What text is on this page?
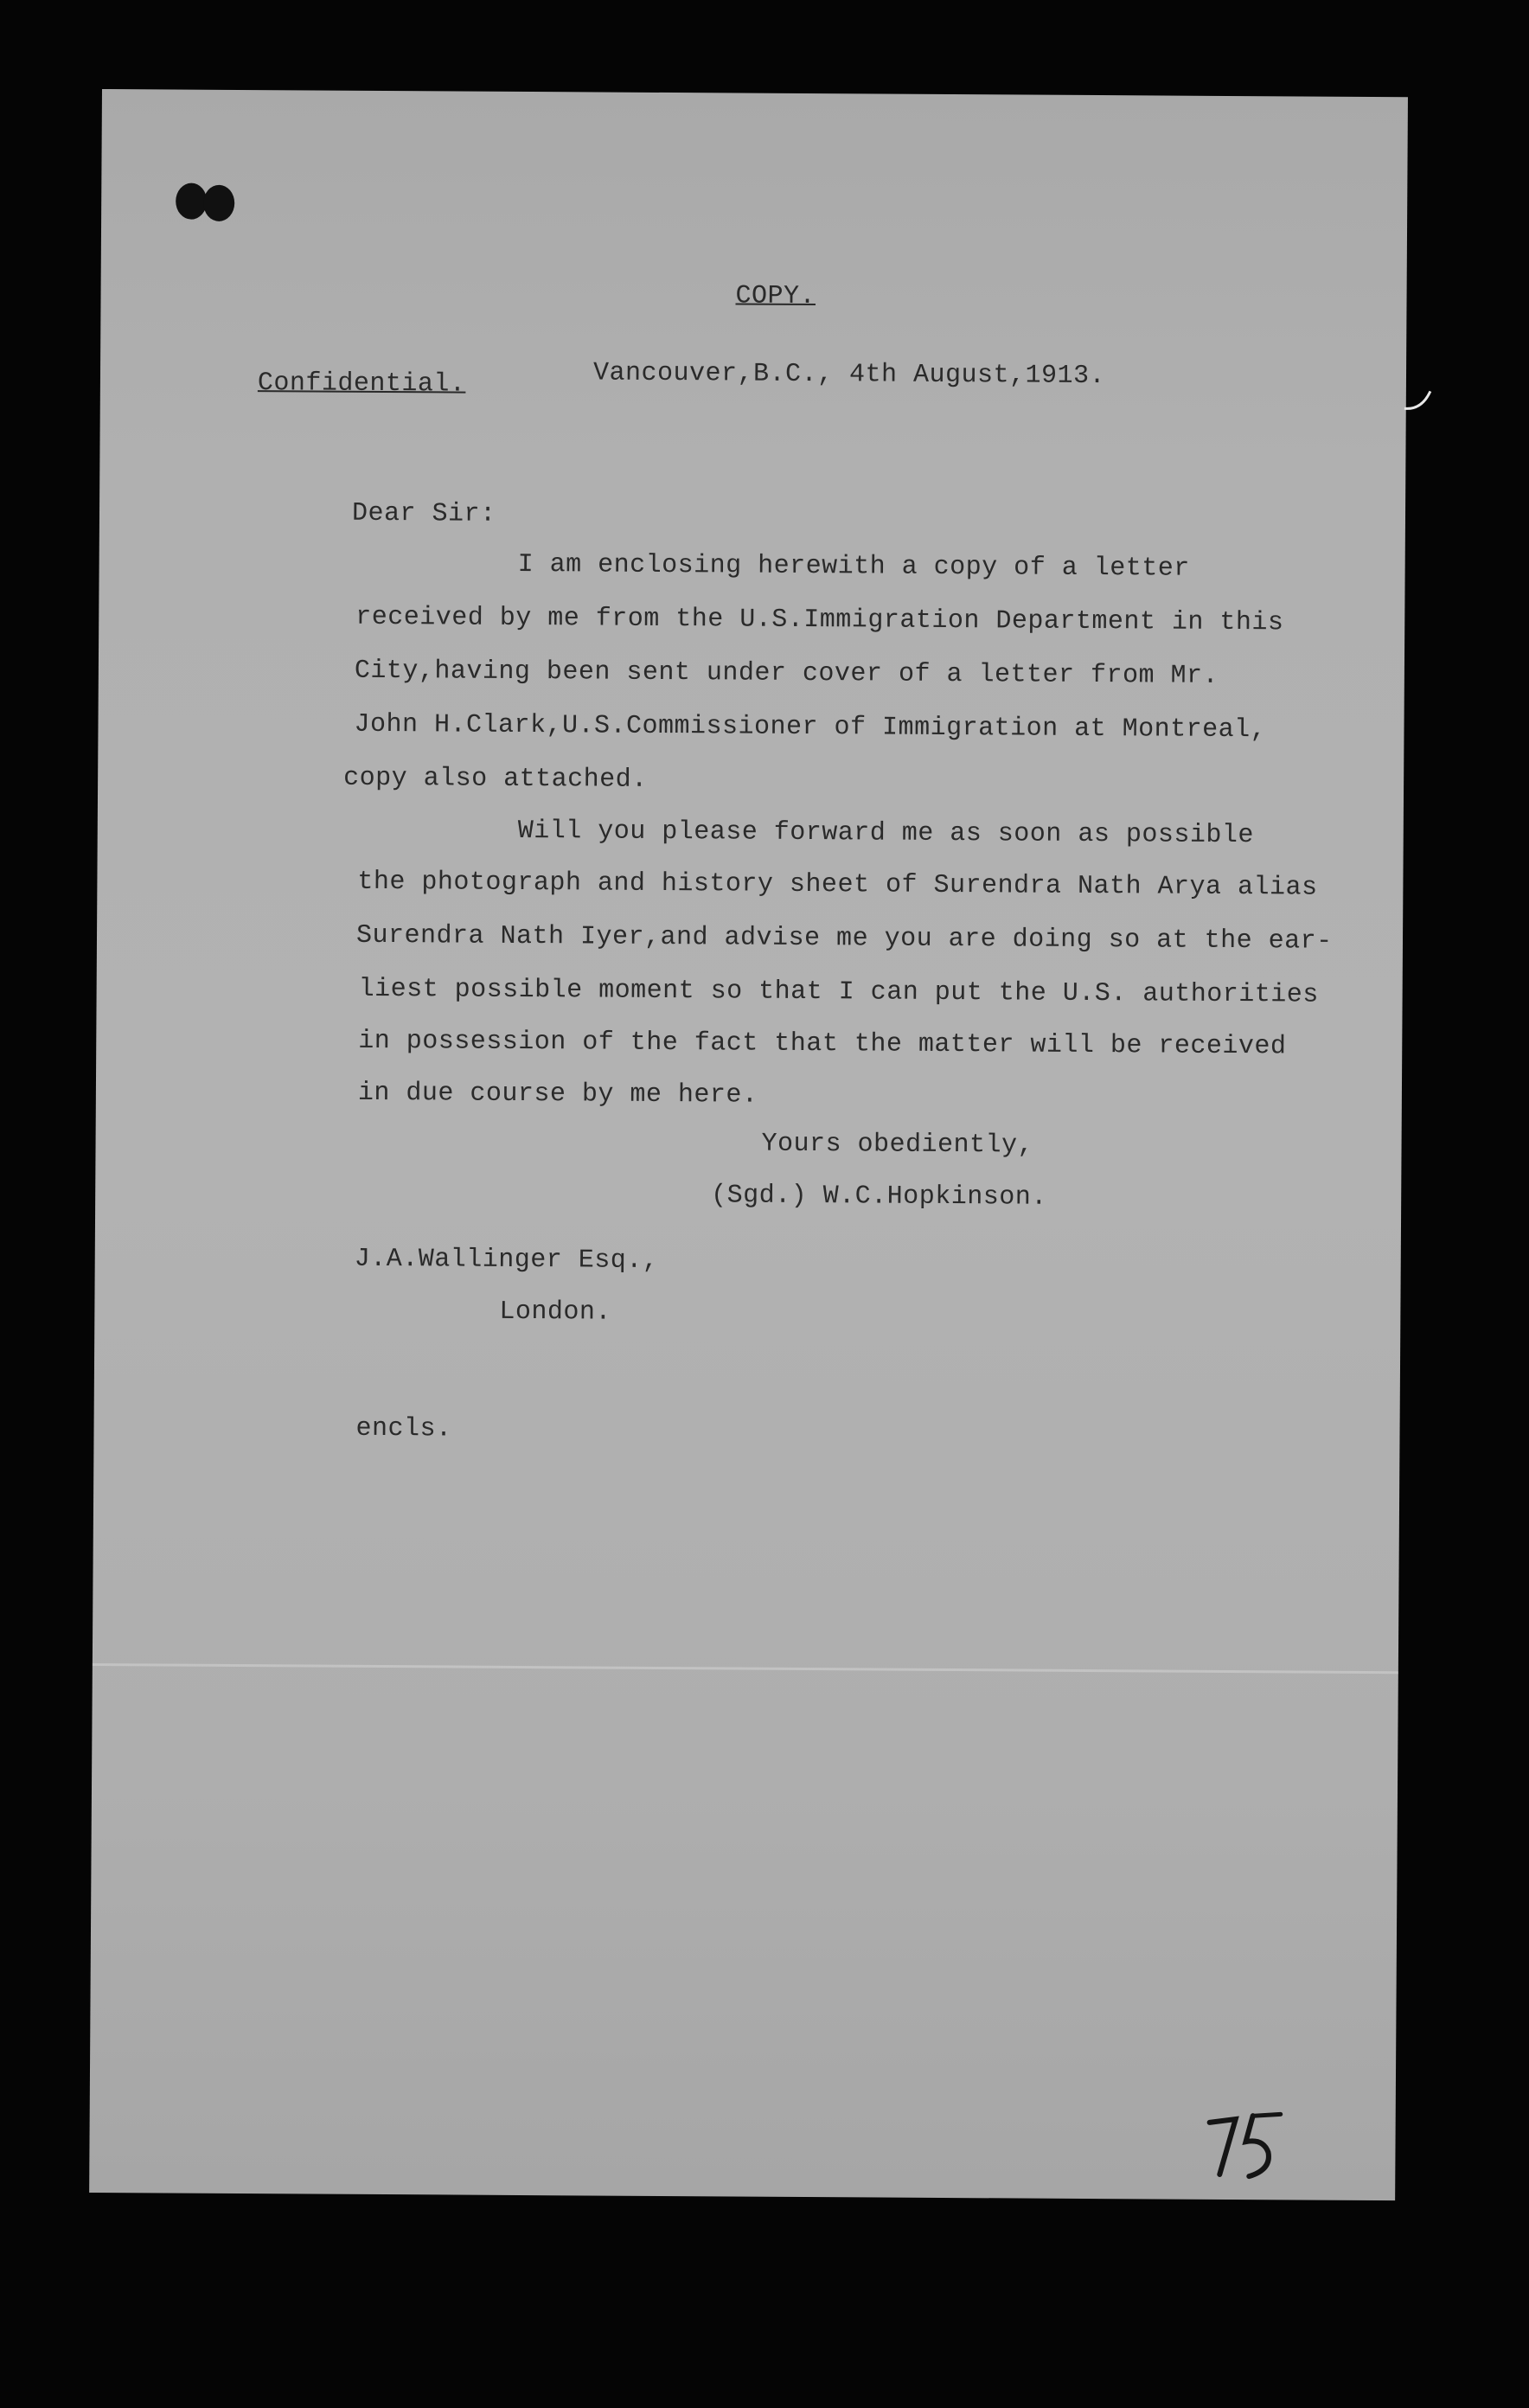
COPY.
Confidential.	Vancouver,B.C., 4th August,1913.
Dear Sir:
I am enclosing herewith a copy of a letter
received by me from the U.S.Immigration Department in this
City,having been sent under cover of a letter from Mr.
John H.Clark,U.S.Commissioner of Immigration at Montreal,
copy also attached.
Will you please forward me as soon as possible
the photograph and history sheet of Surendra Nath Arya alias
Surendra Nath Iyer,and advise me you are doing so at the ear-
liest possible moment so that I can put the U.S. authorities
in possession of the fact that the matter will be received
in due course by me here.
Yours obediently,
(Sgd.) W.C.Hopkinson.
J.A.Wallinger Esq.,
London.
encls.
